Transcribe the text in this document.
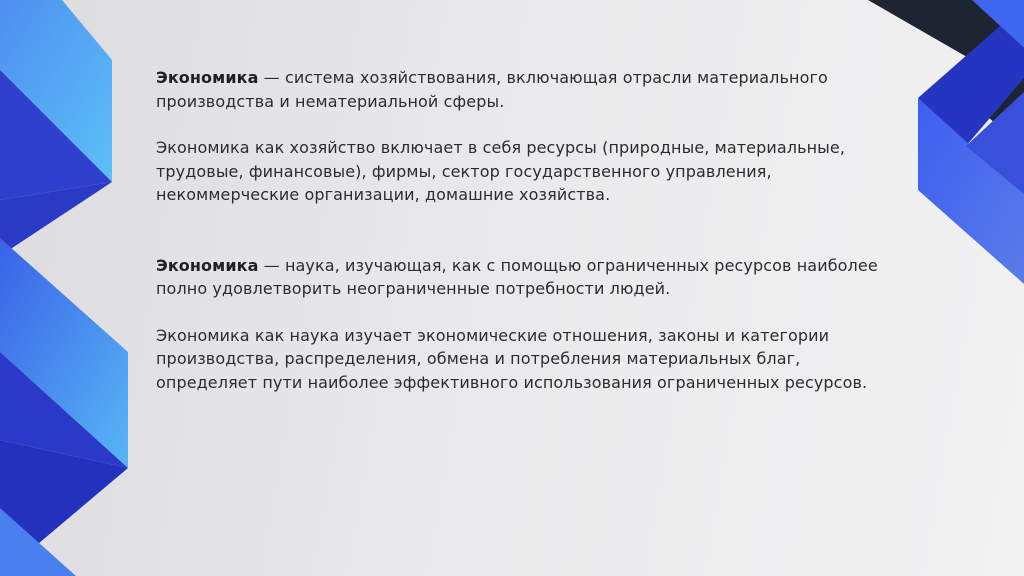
Экономика — система хозяйствования, включающая отрасли материального производства и нематериальной сферы.

Экономика как хозяйство включает в себя ресурсы (природные, материальные, трудовые, финансовые), фирмы, сектор государственного управления, некоммерческие организации, домашние хозяйства.

Экономика — наука, изучающая, как с помощью ограниченных ресурсов наиболее полно удовлетворить неограниченные потребности людей.

Экономика как наука изучает экономические отношения, законы и категории производства, распределения, обмена и потребления материальных благ, определяет пути наиболее эффективного использования ограниченных ресурсов.
